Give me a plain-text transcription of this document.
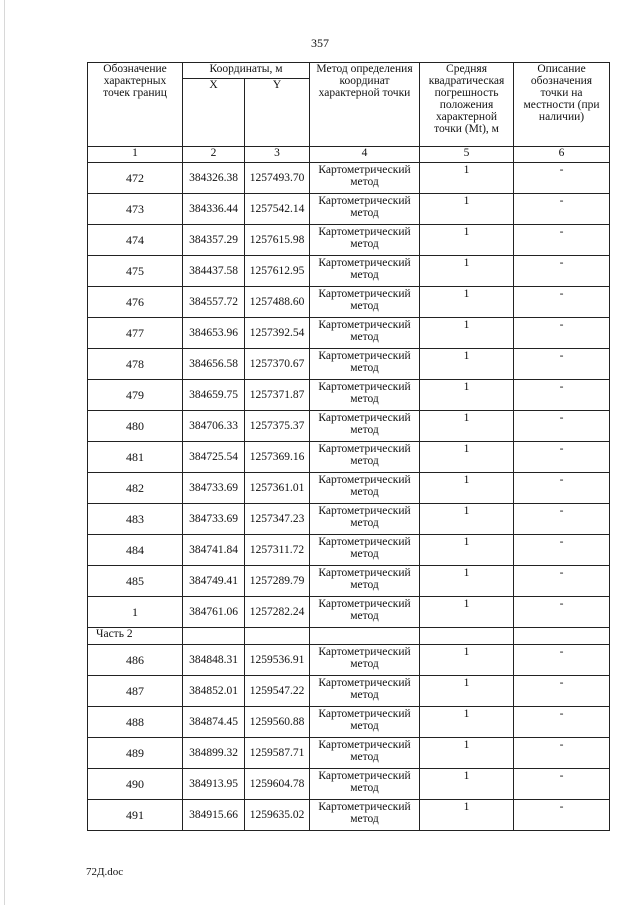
357
Обозначение характерных точек границ	Координаты, м		Метод определения координат характерной точки	Средняя квадратическая погрешность положения характерной точки (Mt), м	Описание обозначения точки на местности (при наличии)
	X	Y			
1	2	3	4	5	6
472	384326.38	1257493.70	Картометрический метод	1	-
473	384336.44	1257542.14	Картометрический метод	1	-
474	384357.29	1257615.98	Картометрический метод	1	-
475	384437.58	1257612.95	Картометрический метод	1	-
476	384557.72	1257488.60	Картометрический метод	1	-
477	384653.96	1257392.54	Картометрический метод	1	-
478	384656.58	1257370.67	Картометрический метод	1	-
479	384659.75	1257371.87	Картометрический метод	1	-
480	384706.33	1257375.37	Картометрический метод	1	-
481	384725.54	1257369.16	Картометрический метод	1	-
482	384733.69	1257361.01	Картометрический метод	1	-
483	384733.69	1257347.23	Картометрический метод	1	-
484	384741.84	1257311.72	Картометрический метод	1	-
485	384749.41	1257289.79	Картометрический метод	1	-
1	384761.06	1257282.24	Картометрический метод	1	-
Часть 2					
486	384848.31	1259536.91	Картометрический метод	1	-
487	384852.01	1259547.22	Картометрический метод	1	-
488	384874.45	1259560.88	Картометрический метод	1	-
489	384899.32	1259587.71	Картометрический метод	1	-
490	384913.95	1259604.78	Картометрический метод	1	-
491	384915.66	1259635.02	Картометрический метод	1	-
72Д.doc
